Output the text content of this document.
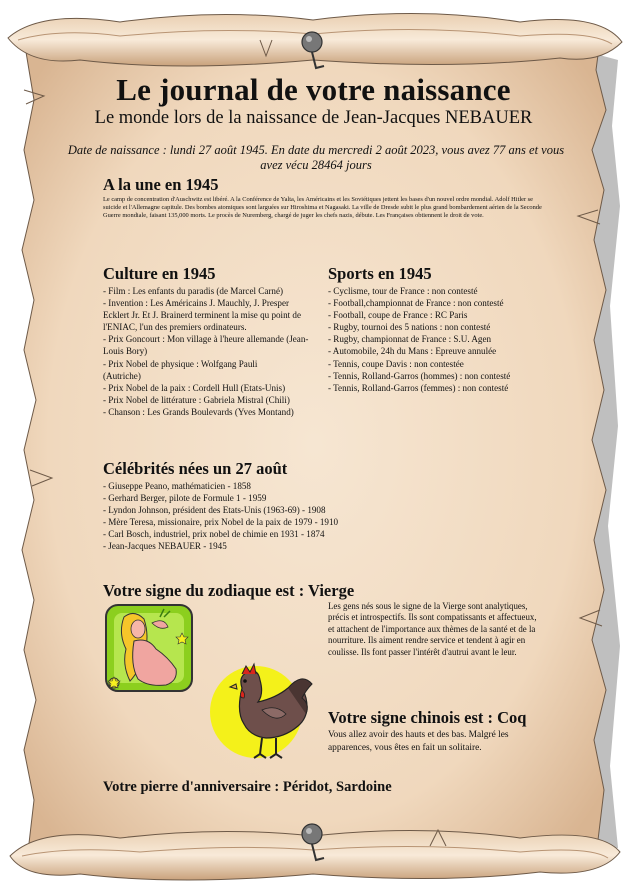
Le journal de votre naissance
Le monde lors de la naissance de Jean-Jacques NEBAUER
Date de naissance : lundi 27 août 1945. En date du mercredi 2 août 2023, vous avez 77 ans et vous avez vécu 28464 jours
A la une en 1945
Le camp de concentration d'Auschwitz est libéré. A la Conférence de Yalta, les Américains et les Soviétiques jettent les bases d'un nouvel ordre mondial. Adolf Hitler se suicide et l'Allemagne capitule. Des bombes atomiques sont larguées sur Hiroshima et Nagasaki. La ville de Dresde subit le plus grand bombardement aérien de la Seconde Guerre mondiale, faisant 135,000 morts. Le procès de Nuremberg, chargé de juger les chefs nazis, débute. Les Françaises obtiennent le droit de vote.
Culture en 1945
- Film : Les enfants du paradis (de Marcel Carné)
- Invention : Les Américains J. Mauchly, J. Presper Ecklert Jr. Et J. Brainerd terminent la mise qu point de l'ENIAC, l'un des premiers ordinateurs.
- Prix Goncourt : Mon village à l'heure allemande (Jean-Louis Bory)
- Prix Nobel de physique : Wolfgang Pauli (Autriche)
- Prix Nobel de la paix : Cordell Hull (Etats-Unis)
- Prix Nobel de littérature : Gabriela Mistral (Chili)
- Chanson : Les Grands Boulevards (Yves Montand)
Sports en 1945
- Cyclisme, tour de France : non contesté
- Football,championnat de France : non contesté
- Football, coupe de France : RC Paris
- Rugby, tournoi des 5 nations : non contesté
- Rugby, championnat de France : S.U. Agen
- Automobile, 24h du Mans : Epreuve annulée
- Tennis, coupe Davis : non contestée
- Tennis, Rolland-Garros (hommes) : non contesté
- Tennis, Rolland-Garros (femmes) : non contesté
Célébrités nées un 27 août
- Giuseppe Peano, mathématicien - 1858
- Gerhard Berger, pilote de Formule 1 - 1959
- Lyndon Johnson, président des Etats-Unis (1963-69) - 1908
- Mère Teresa, missionaire, prix Nobel de la paix de 1979 - 1910
- Carl Bosch, industriel, prix nobel de chimie en 1931 - 1874
- Jean-Jacques NEBAUER - 1945
Votre signe du zodiaque est : Vierge
Les gens nés sous le signe de la Vierge sont analytiques, précis et introspectifs. Ils sont compatissants et affectueux, et attachent de l'importance aux thèmes de la santé et de la nourriture. Ils aiment rendre service et tendent à agir en coulisse. Ils font passer l'intérêt d'autrui avant le leur.
Votre signe chinois est : Coq
Vous allez avoir des hauts et des bas. Malgré les apparences, vous êtes en fait un solitaire.
Votre pierre d'anniversaire : Péridot, Sardoine
